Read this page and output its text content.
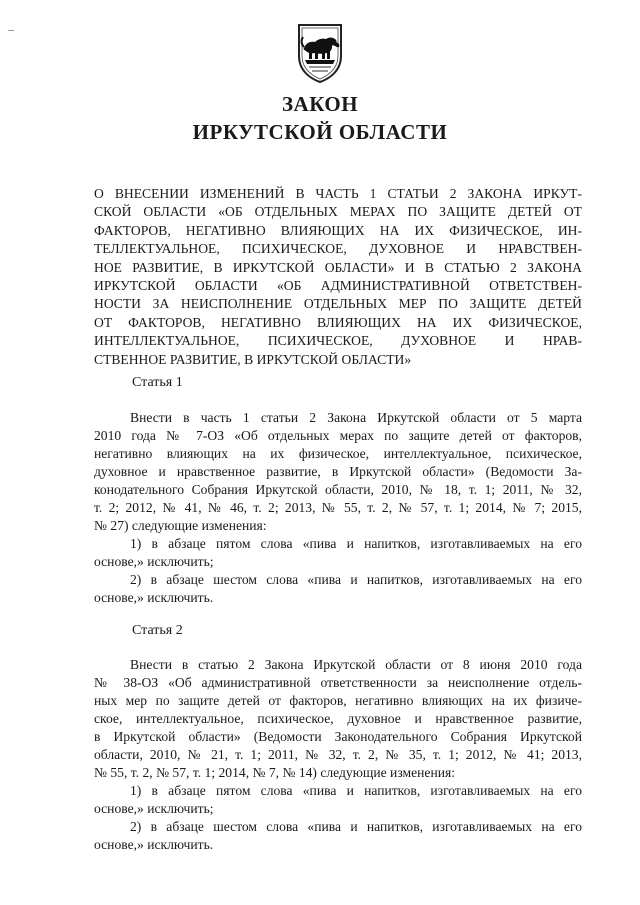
ЗАКОН
ИРКУТСКОЙ ОБЛАСТИ
О ВНЕСЕНИИ ИЗМЕНЕНИЙ В ЧАСТЬ 1 СТАТЬИ 2 ЗАКОНА ИРКУТ-
СКОЙ ОБЛАСТИ «ОБ ОТДЕЛЬНЫХ МЕРАХ ПО ЗАЩИТЕ ДЕТЕЙ ОТ
ФАКТОРОВ, НЕГАТИВНО ВЛИЯЮЩИХ НА ИХ ФИЗИЧЕСКОЕ, ИН-
ТЕЛЛЕКТУАЛЬНОЕ, ПСИХИЧЕСКОЕ, ДУХОВНОЕ И НРАВСТВЕН-
НОЕ РАЗВИТИЕ, В ИРКУТСКОЙ ОБЛАСТИ» И В СТАТЬЮ 2 ЗАКОНА
ИРКУТСКОЙ ОБЛАСТИ «ОБ АДМИНИСТРАТИВНОЙ ОТВЕТСТВЕН-
НОСТИ ЗА НЕИСПОЛНЕНИЕ ОТДЕЛЬНЫХ МЕР ПО ЗАЩИТЕ ДЕТЕЙ
ОТ ФАКТОРОВ, НЕГАТИВНО ВЛИЯЮЩИХ НА ИХ ФИЗИЧЕСКОЕ,
ИНТЕЛЛЕКТУАЛЬНОЕ, ПСИХИЧЕСКОЕ, ДУХОВНОЕ И НРАВ-
СТВЕННОЕ РАЗВИТИЕ, В ИРКУТСКОЙ ОБЛАСТИ»
Статья 1
Внести в часть 1 статьи 2 Закона Иркутской области от 5 марта
2010 года № 7-ОЗ «Об отдельных мерах по защите детей от факторов,
негативно влияющих на их физическое, интеллектуальное, психическое,
духовное и нравственное развитие, в Иркутской области» (Ведомости За-
конодательного Собрания Иркутской области, 2010, № 18, т. 1; 2011, № 32,
т. 2; 2012, № 41, № 46, т. 2; 2013, № 55, т. 2, № 57, т. 1; 2014, № 7; 2015,
№ 27) следующие изменения:
1) в абзаце пятом слова «пива и напитков, изготавливаемых на его
основе,» исключить;
2) в абзаце шестом слова «пива и напитков, изготавливаемых на его
основе,» исключить.
Статья 2
Внести в статью 2 Закона Иркутской области от 8 июня 2010 года
№ 38-ОЗ «Об административной ответственности за неисполнение отдель-
ных мер по защите детей от факторов, негативно влияющих на их физиче-
ское, интеллектуальное, психическое, духовное и нравственное развитие,
в Иркутской области» (Ведомости Законодательного Собрания Иркутской
области, 2010, № 21, т. 1; 2011, № 32, т. 2, № 35, т. 1; 2012, № 41; 2013,
№ 55, т. 2, № 57, т. 1; 2014, № 7, № 14) следующие изменения:
1) в абзаце пятом слова «пива и напитков, изготавливаемых на его
основе,» исключить;
2) в абзаце шестом слова «пива и напитков, изготавливаемых на его
основе,» исключить.
